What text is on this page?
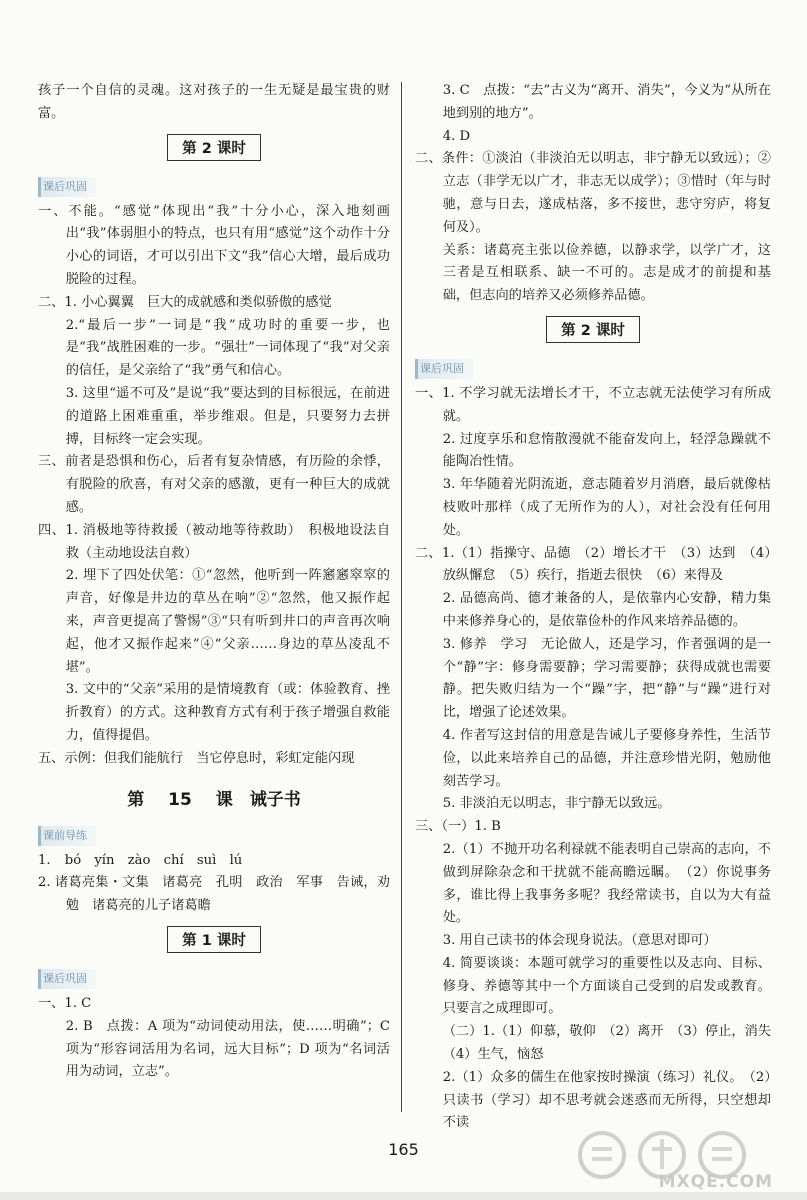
孩子一个自信的灵魂。这对孩子的一生无疑是最宝贵的财富。

第 2 课时
课后巩固

一、不能。“感觉”体现出“我”十分小心，深入地刻画出“我”体弱胆小的特点，也只有用“感觉”这个动作十分小心的词语，才可以引出下文“我”信心大增，最后成功脱险的过程。

二、1. 小心翼翼　巨大的成就感和类似骄傲的感觉

2.“最后一步”一词是“我”成功时的重要一步，也是“我”战胜困难的一步。“强壮”一词体现了“我”对父亲的信任，是父亲给了“我”勇气和信心。

3. 这里“遥不可及”是说“我”要达到的目标很远，在前进的道路上困难重重，举步维艰。但是，只要努力去拼搏，目标终一定会实现。

三、前者是恐惧和伤心，后者有复杂情感，有历险的余悸，有脱险的欣喜，有对父亲的感激，更有一种巨大的成就感。

四、1. 消极地等待救援（被动地等待救助）　积极地设法自救（主动地设法自救）

2. 埋下了四处伏笔：①“忽然，他听到一阵窸窸窣窣的声音，好像是井边的草丛在响”②“忽然，他又振作起来，声音更提高了警惕”③“只有听到井口的声音再次响起，他才又振作起来”④“父亲……身边的草丛凌乱不堪”。

3. 文中的“父亲”采用的是情境教育（或：体验教育、挫折教育）的方式。这种教育方式有利于孩子增强自救能力，值得提倡。

五、示例：但我们能航行　当它停息时，彩虹定能闪现

第 15 课　诫子书
课前导练

1. bó　yín　zào　chí　suì　lú

2. 诸葛亮集・文集　诸葛亮　孔明　政治　军事　告诫，劝勉　诸葛亮的儿子诸葛瞻

第 1 课时
课后巩固

一、1. C

2. B　点拨：A 项为“动词使动用法，使……明确”；C 项为“形容词活用为名词，远大目标”；D 项为“名词活用为动词，立志”。

3. C　点拨：“去”古义为“离开、消失”，今义为“从所在地到别的地方”。

4. D

二、条件：①淡泊（非淡泊无以明志，非宁静无以致远）；②立志（非学无以广才，非志无以成学）；③惜时（年与时驰，意与日去，遂成枯落，多不接世，悲守穷庐，将复何及）。

关系：诸葛亮主张以俭养德，以静求学，以学广才，这三者是互相联系、缺一不可的。志是成才的前提和基础，但志向的培养又必须修养品德。

第 2 课时
课后巩固

一、1. 不学习就无法增长才干，不立志就无法使学习有所成就。

2. 过度享乐和怠惰散漫就不能奋发向上，轻浮急躁就不能陶冶性情。

3. 年华随着光阴流逝，意志随着岁月消磨，最后就像枯枝败叶那样（成了无所作为的人），对社会没有任何用处。

二、1.（1）指操守、品德　（2）增长才干　（3）达到　（4）放纵懈怠　（5）疾行，指逝去很快　（6）来得及

2. 品德高尚、德才兼备的人，是依靠内心安静，精力集中来修养身心的，是依靠俭朴的作风来培养品德的。

3. 修养　学习　无论做人，还是学习，作者强调的是一个“静”字：修身需要静；学习需要静；获得成就也需要静。把失败归结为一个“躁”字，把“静”与“躁”进行对比，增强了论述效果。

4. 作者写这封信的用意是告诫儿子要修身养性，生活节俭，以此来培养自己的品德，并注意珍惜光阴，勉励他刻苦学习。

5. 非淡泊无以明志，非宁静无以致远。

三、（一）1. B

2.（1）不抛开功名利禄就不能表明自己崇高的志向，不做到屏除杂念和干扰就不能高瞻远瞩。　（2）你说事务多，谁比得上我事务多呢？我经常读书，自以为大有益处。

3. 用自己读书的体会现身说法。（意思对即可）

4. 简要谈谈：本题可就学习的重要性以及志向、目标、修身、养德等其中一个方面谈自己受到的启发或教育。只要言之成理即可。

（二）1.（1）仰慕，敬仰　（2）离开　（3）停止，消失　（4）生气，恼怒

2.（1）众多的儒生在他家按时操演（练习）礼仪。　（2）只读书（学习）却不思考就会迷惑而无所得，只空想却不读

165
MXQE.COM
